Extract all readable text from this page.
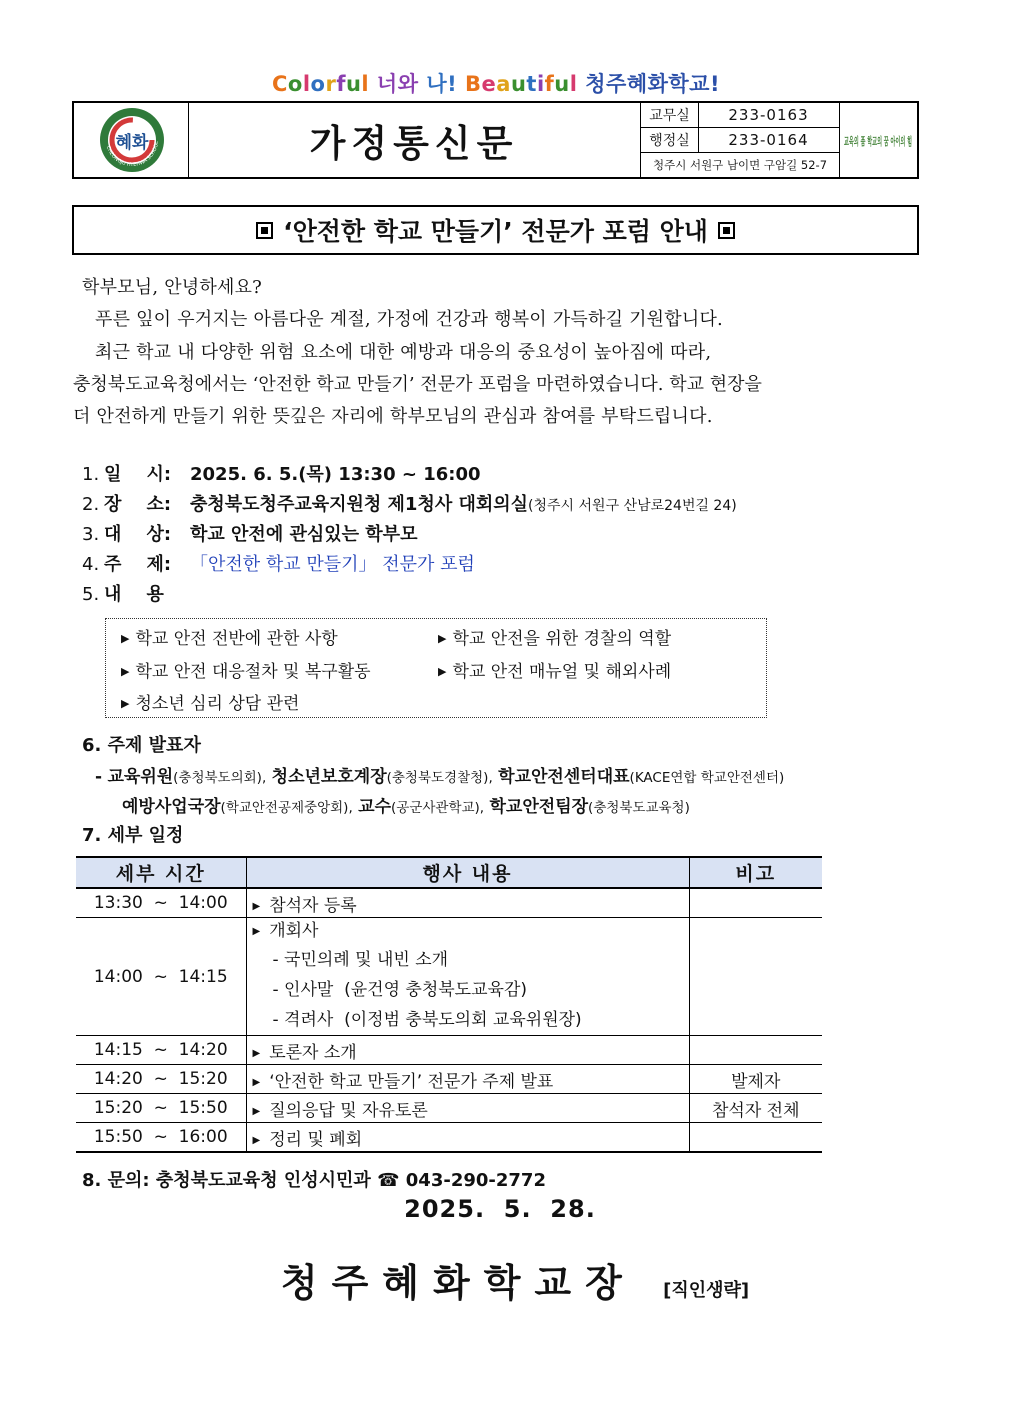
Colorful 너와 나! Beautiful 청주혜화학교!
혜화
CHEONGJU HYEHWA SCHOOL	가정통신문
교무실	233-0163
행정실	233-0164
청주시 서원구 남이면 구암길 52-7
교육의 품 학교의 꿈 아이의 힘
‘안전한 학교 만들기’ 전문가 포럼 안내
학부모님, 안녕하세요?
푸른 잎이 우거지는 아름다운 계절, 가정에 건강과 행복이 가득하길 기원합니다.
최근 학교 내 다양한 위험 요소에 대한 예방과 대응의 중요성이 높아짐에 따라,
충청북도교육청에서는 ‘안전한 학교 만들기’ 전문가 포럼을 마련하였습니다. 학교 현장을
더 안전하게 만들기 위한 뜻깊은 자리에 학부모님의 관심과 참여를 부탁드립니다.
1. 일    시: 2025. 6. 5.(목) 13:30 ~ 16:00
2. 장    소: 충청북도청주교육지원청 제1청사 대회의실(청주시 서원구 산남로24번길 24)
3. 대    상: 학교 안전에 관심있는 학부모
4. 주    제: 「안전한 학교 만들기」 전문가 포럼
5. 내    용
▶ 학교 안전 전반에 관한 사항	▶ 학교 안전을 위한 경찰의 역할
▶ 학교 안전 대응절차 및 복구활동	▶ 학교 안전 매뉴얼 및 해외사례
▶ 청소년 심리 상담 관련
6. 주제 발표자
- 교육위원(충청북도의회), 청소년보호계장(충청북도경찰청), 학교안전센터대표(KACE연합 학교안전센터)
예방사업국장(학교안전공제중앙회), 교수(공군사관학교), 학교안전팀장(충청북도교육청)
7. 세부 일정
세부 시간	행사 내용	비고
13:30  ~  14:00	▶ 참석자 등록	
14:00  ~  14:15	▶ 개회사
- 국민의례 및 내빈 소개
- 인사말  (윤건영 충청북도교육감)
- 격려사  (이정범 충북도의회 교육위원장)	

14:15  ~  14:20	▶ 토론자 소개	
14:20  ~  15:20	▶ ‘안전한 학교 만들기’ 전문가 주제 발표	발제자
15:20  ~  15:50	▶ 질의응답 및 자유토론	참석자 전체
15:50  ~  16:00	▶ 정리 및 폐회	
8. 문의: 충청북도교육청 인성시민과 ☎ 043-290-2772
2025.  5.  28.
청주혜화학교장 [직인생략]
